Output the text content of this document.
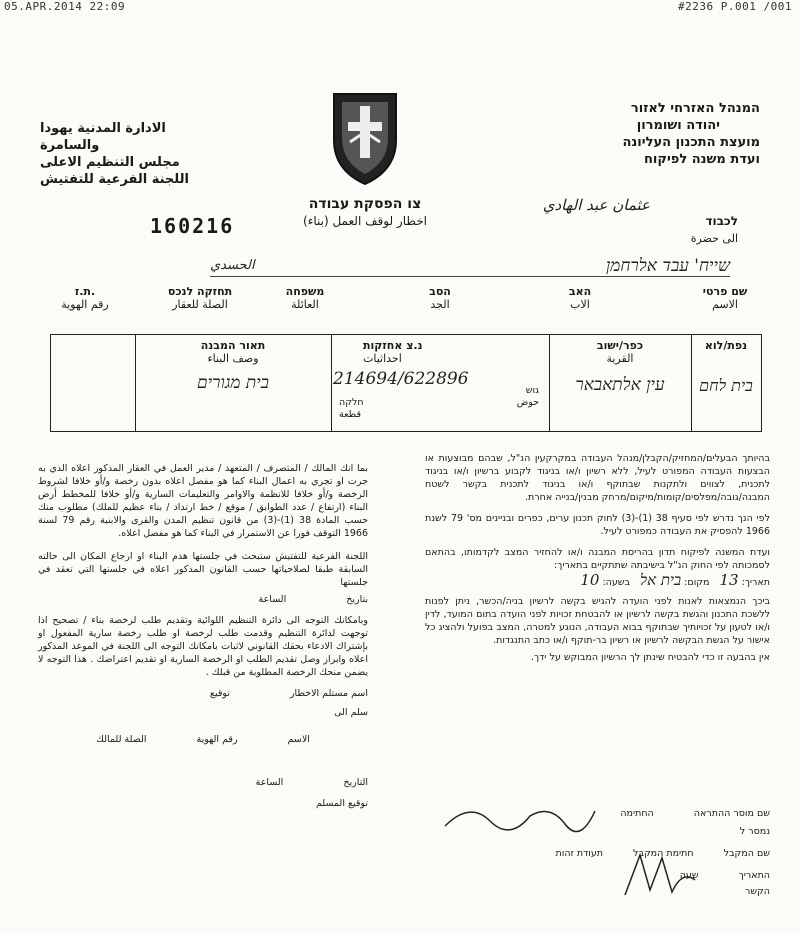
05.APR.2014 22:09	#2236 P.001 /001
המנהל האזרחי לאזור
יהודה ושומרון
מועצת התכנון העליונה
ועדת משנה לפיקוח
الادارة المدنية يهودا
والسامرة
مجلس التنظيم الاعلى
اللجنة الفرعية للتفتيش
צו הפסקת עבודה
اخطار لوقف العمل (بناء)
160216
عثمان عبد الهادي
לכבוד
الى حضرة
שייח' עבד אלרחמן
الحسدي
שם פרטי
الاسم
האב
الاب
הסב
الجد
משפחה
العائلة
תחזקה לנכס
الصلة للعقار
ת.ז.
رقم الهوية
נפת/לוא
בית לחם
כפר/ישוב
القرية
עין אלתאבאר
נ.צ אחזקות
احداثيات
214694/622896
גוש
حوض
חלקה
قطعة
תאור המבנה
وصف البناء
בית מגורים
בהיותך הבעלים/המחזיק/הקבלן/מנהל העבודה במקרקעין הנ"ל, שבהם מבוצעות או הבצעות העבודה המפורט לעיל, ללא רשיון ו/או בניגוד לקבוע ברשיון ו/או בניגוד לתכנית, לצווים ולתקנות שבתוקף ו/או בניגוד לתכנית בקשר לשטח המבנה/גובה/מפלסים/קומות/מיקום/מרחק מבנין/בנייה אחרת.
לפי הנך נדרש לפי סעיף 38 (1)-(3) לחוק תכנון ערים, כפרים ובניינים מס' 79 לשנת 1966 להפסיק את העבודה כמפורט לעיל.
ועדת המשנה לפיקוח תדון בהריסת המבנה ו/או להחזיר המצב לקדמותו, בהתאם לסמכותה לפי החוק הנ"ל בישיבתה שתתקיים בתאריך:
תאריך: 13
מקום: בית אל
בשעה: 10
ביכך הנמצאות לאנות לפני הועדה להגיש בקשה לרשיון בניה/הכשר, ניתן לפנות ללשכת התכנון והגשת בקשה לרשיון או להבטחת זכויות לפני הועדה בתום המועד, לדין ו/או לטעון על זכויותיך שבתוקף בבוא העבודה, הנוגע למטרה, המצב בפועל ולהציג כל אישור על הגשת הבקשה לרשיון או רשיון בר-תוקף ו/או כתב התנגדות.
אין בהבעה זו כדי להבטיח שינתן לך הרשיון המבוקש על ידך.
بما انك المالك / المتصرف / المتعهد / مدير العمل في العقار المذكور اعلاه الذي به جرت او تجري به اعمال البناء كما هو مفصل اعلاه بدون رخصة و/أو خلافا لشروط الرخصة و/أو خلافا للانظمة والاوامر والتعليمات السارية و/أو خلافا للمخطط أرض البناء (ارتفاع / عدد الطوابق / موقع / خط ارتداد / بناء عظيم للملك) مطلوب منك حسب المادة 38 (1)-(3) من قانون تنظيم المدن والقرى والابنية رقم 79 لسنة 1966 التوقف فورا عن الاستمرار في البناء كما هو مفصل اعلاه.
اللجنة الفرعية للتفتيش ستبحث في جلستها هدم البناء او ارجاع المكان الى حالته السابقة طبقا لصلاحياتها حسب القانون المذكور اعلاه في جلستها التي تعقد في جلستها
بتاريخ
الساعة
وبامكانك التوجه الى دائرة التنظيم اللوائية وتقديم طلب لرخصة بناء / تصحيح اذا توجهت لدائرة التنظيم وقدمت طلب لرخصة او طلب رخصة سارية المفعول او بإشتراك الادعاء بحقك القانوني لاثبات بامكانك التوجه الى اللجنة في الموعد المذكور اعلاه وابراز وصل تقديم الطلب او الرخصة السارية او تقديم اعتراضك . هذا التوجه لا يضمن منحك الرخصة المطلوبة من قبلك .
اسم مستلم الاخطار
توقيع
سلم الى
الاسم
رقم الهوية
الصلة للمالك
التاريخ
الساعة
توقيع المسلم
שם מוסר ההתראה
החתימה
נמסר ל
שם המקבל
חתימת המקבל
תעודת זהות
התאריך
שעה
הקשר
